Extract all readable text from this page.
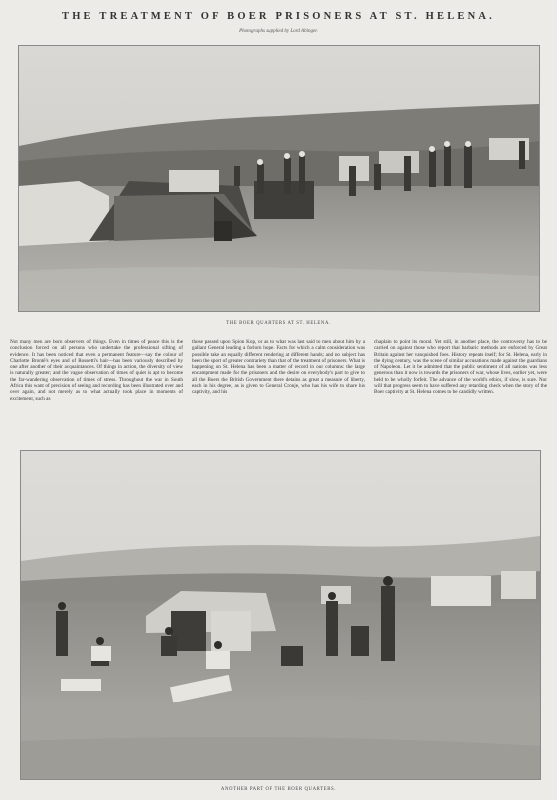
THE TREATMENT OF BOER PRISONERS AT ST. HELENA.
Photographs supplied by Lord Abinger.
THE BOER QUARTERS AT ST. HELENA.
Not many men are born observers of things. Even in times of peace this is the conclusion forced on all persons who undertake the professional sifting of evidence. It has been noticed that even a permanent feature—say the colour of Charlotte Brontë's eyes and of Rossetti's hair—has been variously described by one after another of their acquaintances. Of things in action, the diversity of view is naturally greater; and the vague observation of times of quiet is apt to become the far-wandering observation of times of stress. Throughout the war in South Africa this want of precision of seeing and recording has been illustrated over and over again, and not merely as to what actually took place in moments of excitement, such as
those passed upon Spion Kop, or as to what was last said to men about him by a gallant General leading a forlorn hope. Facts for which a calm consideration was possible take an equally different rendering at different hands; and no subject has been the sport of greater contrariety than that of the treatment of prisoners. What is happening on St. Helena has been a matter of record in our columns: the large encampment made for the prisoners and the desire on everybody's part to give to all the Boers the British Government there detains as great a measure of liberty, each in his degree, as is given to General Cronje, who has his wife to share his captivity, and his
chaplain to point its moral. Yet still, in another place, the controversy has to be carried on against those who report that barbaric methods are enforced by Great Britain against her vanquished foes. History repeats itself; for St. Helena, early in the dying century, was the scene of similar accusations made against the guardians of Napoleon. Let it be admitted that the public sentiment of all nations was less generous than it now is towards the prisoners of war, whose lives, earlier yet, were held to be wholly forfeit. The advance of the world's ethics, if slow, is sure. Nor will that progress seem to have suffered any retarding check when the story of the Boer captivity at St. Helena comes to be candidly written.
ANOTHER PART OF THE BOER QUARTERS.
